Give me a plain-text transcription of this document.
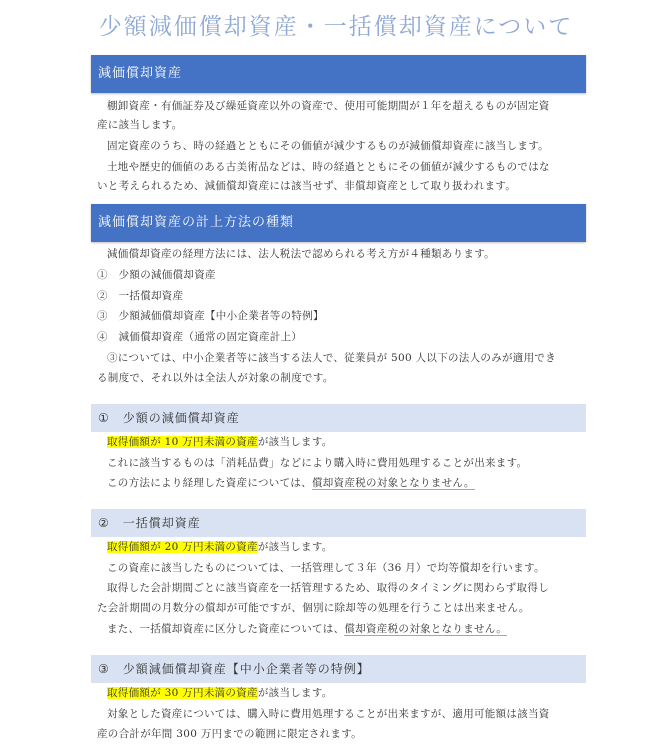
少額減価償却資産・一括償却資産について
減価償却資産
棚卸資産・有価証券及び繰延資産以外の資産で、使用可能期間が１年を超えるものが固定資
産に該当します。
固定資産のうち、時の経過とともにその価値が減少するものが減価償却資産に該当します。
土地や歴史的価値のある古美術品などは、時の経過とともにその価値が減少するものではな
いと考えられるため、減価償却資産には該当せず、非償却資産として取り扱われます。
減価償却資産の計上方法の種類
減価償却資産の経理方法には、法人税法で認められる考え方が４種類あります。
①　少額の減価償却資産
②　一括償却資産
③　少額減価償却資産【中小企業者等の特例】
④　減価償却資産（通常の固定資産計上）
③については、中小企業者等に該当する法人で、従業員が 500 人以下の法人のみが適用でき
る制度で、それ以外は全法人が対象の制度です。
①　少額の減価償却資産
取得価額が 10 万円未満の資産が該当します。
これに該当するものは「消耗品費」などにより購入時に費用処理することが出来ます。
この方法により経理した資産については、償却資産税の対象となりません。
②　一括償却資産
取得価額が 20 万円未満の資産が該当します。
この資産に該当したものについては、一括管理して３年（36 月）で均等償却を行います。
取得した会計期間ごとに該当資産を一括管理するため、取得のタイミングに関わらず取得し
た会計期間の月数分の償却が可能ですが、個別に除却等の処理を行うことは出来ません。
また、一括償却資産に区分した資産については、償却資産税の対象となりません。
③　少額減価償却資産【中小企業者等の特例】
取得価額が 30 万円未満の資産が該当します。
対象とした資産については、購入時に費用処理することが出来ますが、適用可能額は該当資
産の合計が年間 300 万円までの範囲に限定されます。
